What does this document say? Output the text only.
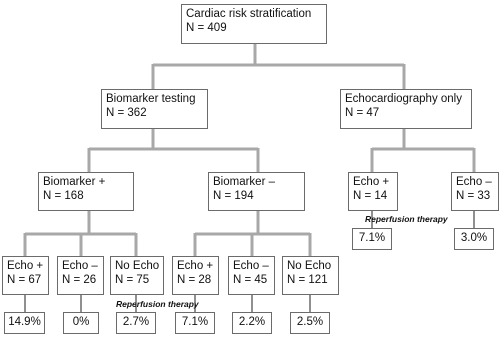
Cardiac risk stratification
N = 409
Biomarker testing
N = 362
Echocardiography only
N = 47
Biomarker +
N = 168
Biomarker –
N = 194
Echo +
N = 14
Echo –
N = 33
Echo +
N = 67
Echo –
N = 26
No Echo
N = 75
Echo +
N = 28
Echo –
N = 45
No Echo
N = 121
Reperfusion therapy
Reperfusion therapy
14.9%	0%	2.7%	7.1%	2.2%	2.5%
7.1%	3.0%
